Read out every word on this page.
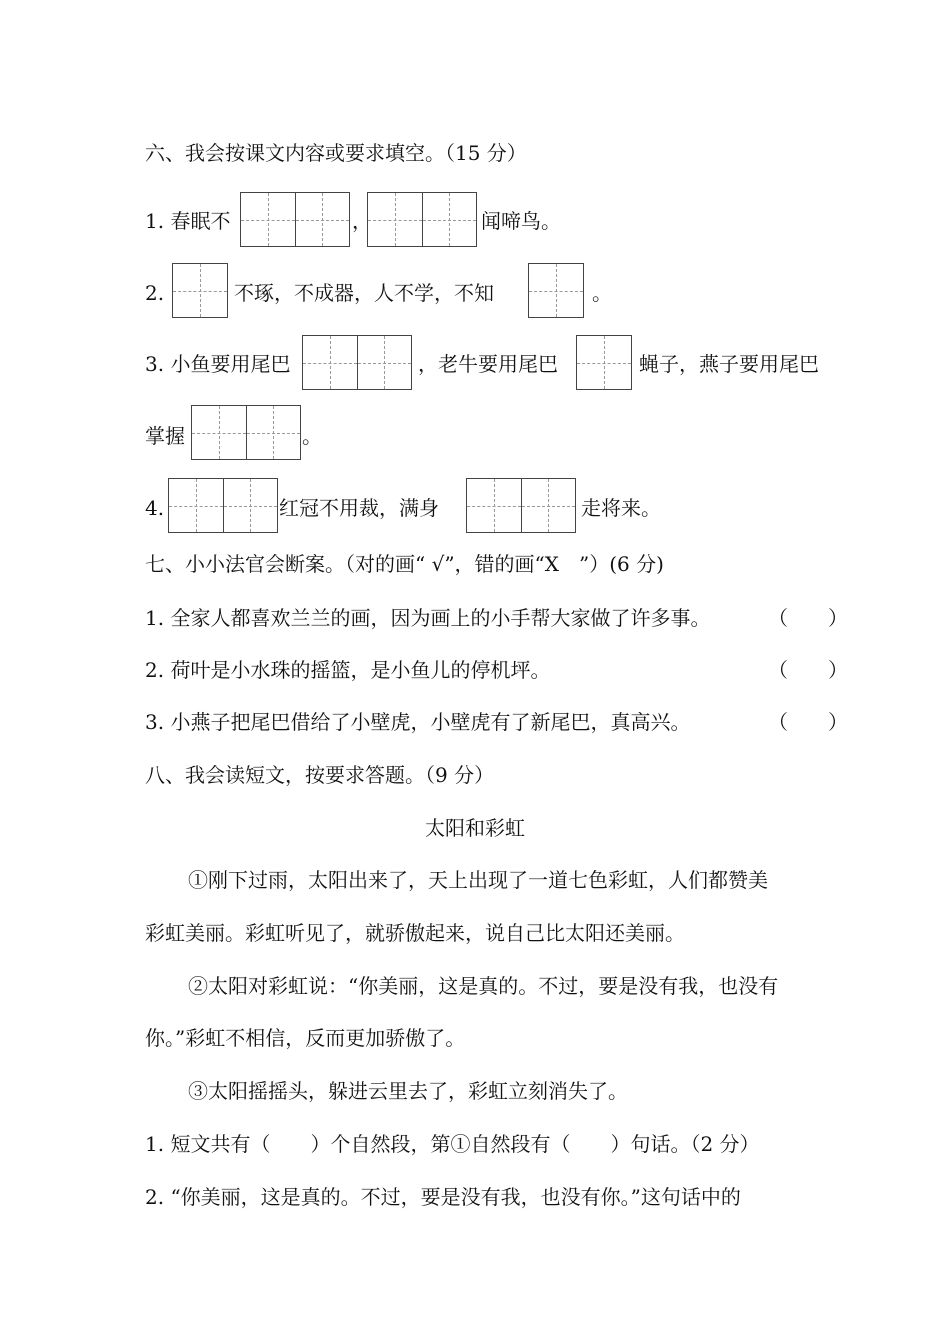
六、我会按课文内容或要求填空。（15 分）
1. 春眠不	，	闻啼鸟。
2.	不琢，不成器，人不学，不知	。
3. 小鱼要用尾巴	，老牛要用尾巴	蝇子，燕子要用尾巴
掌握	。
4.	红冠不用裁，满身	走将来。
七、小小法官会断案。（对的画“ √”，错的画“X　”）(6 分)
1. 全家人都喜欢兰兰的画，因为画上的小手帮大家做了许多事。	（　　）
2. 荷叶是小水珠的摇篮，是小鱼儿的停机坪。	（　　）
3. 小燕子把尾巴借给了小壁虎，小壁虎有了新尾巴，真高兴。	（　　）
八、我会读短文，按要求答题。（9 分）
太阳和彩虹
①刚下过雨，太阳出来了，天上出现了一道七色彩虹，人们都赞美
彩虹美丽。彩虹听见了，就骄傲起来，说自己比太阳还美丽。
②太阳对彩虹说：“你美丽，这是真的。不过，要是没有我，也没有
你。”彩虹不相信，反而更加骄傲了。
③太阳摇摇头，躲进云里去了，彩虹立刻消失了。
1. 短文共有（　　）个自然段，第①自然段有（　　）句话。（2 分）
2. “你美丽，这是真的。不过，要是没有我，也没有你。”这句话中的
